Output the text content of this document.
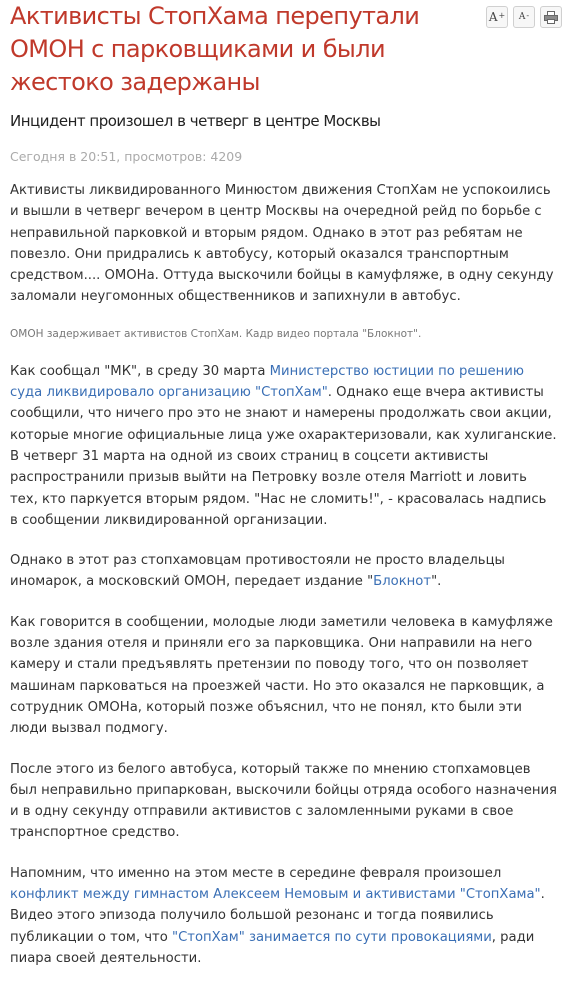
Активисты СтопХама перепутали ОМОН с парковщиками и были жестоко задержаны
A + A -
Инцидент произошел в четверг в центре Москвы
Сегодня в 20:51, просмотров: 4209

Активисты ликвидированного Минюстом движения СтопХам не успокоились и вышли в четверг вечером в центр Москвы на очередной рейд по борьбе с неправильной парковкой и вторым рядом. Однако в этот раз ребятам не повезло. Они придрались к автобусу, который оказался транспортным средством.... ОМОНа. Оттуда выскочили бойцы в камуфляже, в одну секунду заломали неугомонных общественников и запихнули в автобус.

ОМОН задерживает активистов СтопХам. Кадр видео портала "Блокнот".

Как сообщал "МК", в среду 30 марта Министерство юстиции по решению суда ликвидировало организацию "СтопХам". Однако еще вчера активисты сообщили, что ничего про это не знают и намерены продолжать свои акции, которые многие официальные лица уже охарактеризовали, как хулиганские. В четверг 31 марта на одной из своих страниц в соцсети активисты распространили призыв выйти на Петровку возле отеля Marriott и ловить тех, кто паркуется вторым рядом. "Нас не сломить!", - красовалась надпись в сообщении ликвидированной организации.

Однако в этот раз стопхамовцам противостояли не просто владельцы иномарок, а московский ОМОН, передает издание "Блокнот".

Как говорится в сообщении, молодые люди заметили человека в камуфляже возле здания отеля и приняли его за парковщика. Они направили на него камеру и стали предъявлять претензии по поводу того, что он позволяет машинам парковаться на проезжей части. Но это оказался не парковщик, а сотрудник ОМОНа, который позже объяснил, что не понял, кто были эти люди вызвал подмогу.

После этого из белого автобуса, который также по мнению стопхамовцев был неправильно припаркован, выскочили бойцы отряда особого назначения и в одну секунду отправили активистов с заломленными руками в свое транспортное средство.

Напомним, что именно на этом месте в середине февраля произошел конфликт между гимнастом Алексеем Немовым и активистами "СтопХама". Видео этого эпизода получило большой резонанс и тогда появились публикации о том, что "СтопХам" занимается по сути провокациями, ради пиара своей деятельности.
